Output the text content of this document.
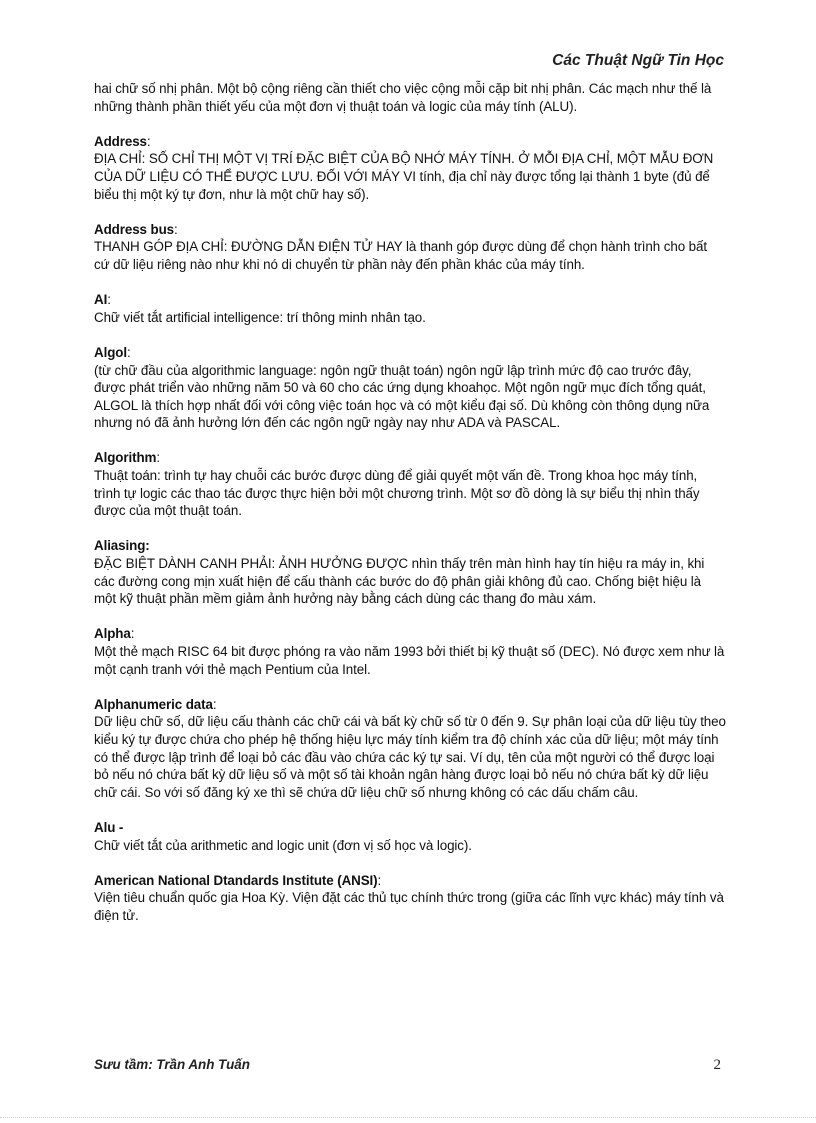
Các Thuật Ngữ Tin Học

hai chữ số nhị phân. Một bộ cộng riêng cần thiết cho việc cộng mỗi cặp bit nhị phân. Các mạch như thế là những thành phần thiết yếu của một đơn vị thuật toán và logic của máy tính (ALU).

Address:

ĐỊA CHỈ: SỐ CHỈ THỊ MỘT VỊ TRÍ ĐẶC BIỆT CỦA BỘ NHỚ MÁY TÍNH. Ở MỖI ĐỊA CHỈ, MỘT MẪU ĐƠN CỦA DỮ LIỆU CÓ THỂ ĐƯỢC LƯU. ĐỐI VỚI MÁY VI tính, địa chỉ này được tổng lại thành 1 byte (đủ để biểu thị một ký tự đơn, như là một chữ hay số).

Address bus:

THANH GÓP ĐỊA CHỈ: ĐƯỜNG DẪN ĐIỆN TỬ HAY là thanh góp được dùng để chọn hành trình cho bất cứ dữ liệu riêng nào như khi nó di chuyển từ phần này đến phần khác của máy tính.

AI:

Chữ viết tắt artificial intelligence: trí thông minh nhân tạo.

Algol:

(từ chữ đầu của algorithmic language: ngôn ngữ thuật toán) ngôn ngữ lập trình mức độ cao trước đây, được phát triển vào những năm 50 và 60 cho các ứng dụng khoahọc. Một ngôn ngữ mục đích tổng quát, ALGOL là thích hợp nhất đối với công việc toán học và có một kiểu đại số. Dù không còn thông dụng nữa nhưng nó đã ảnh hưởng lớn đến các ngôn ngữ ngày nay như ADA và PASCAL.

Algorithm:

Thuật toán: trình tự hay chuỗi các bước được dùng để giải quyết một vấn đề. Trong khoa học máy tính, trình tự logic các thao tác được thực hiện bởi một chương trình. Một sơ đồ dòng là sự biểu thị nhìn thấy được của một thuật toán.

Aliasing:

ĐẶC BIỆT DÀNH CANH PHẢI: ẢNH HƯỞNG ĐƯỢC nhìn thấy trên màn hình hay tín hiệu ra máy in, khi các đường cong mịn xuất hiện để cấu thành các bước do độ phân giải không đủ cao. Chống biệt hiệu là một kỹ thuật phần mềm giảm ảnh hưởng này bằng cách dùng các thang đo màu xám.

Alpha:

Một thẻ mạch RISC 64 bit được phóng ra vào năm 1993 bởi thiết bị kỹ thuật số (DEC). Nó được xem như là một cạnh tranh với thẻ mạch Pentium của Intel.

Alphanumeric data:

Dữ liệu chữ số, dữ liệu cấu thành các chữ cái và bất kỳ chữ số từ 0 đến 9. Sự phân loại của dữ liệu tùy theo kiểu ký tự được chứa cho phép hệ thống hiệu lực máy tính kiểm tra độ chính xác của dữ liệu; một máy tính có thể được lập trình để loại bỏ các đầu vào chứa các ký tự sai. Ví dụ, tên của một người có thể được loại bỏ nếu nó chứa bất kỳ dữ liệu số và một số tài khoản ngân hàng được loại bỏ nếu nó chứa bất kỳ dữ liệu chữ cái. So với số đăng ký xe thì sẽ chứa dữ liệu chữ số nhưng không có các dấu chấm câu.

Alu -

Chữ viết tắt của arithmetic and logic unit (đơn vị số học và logic).

American National Dtandards Institute (ANSI):

Viện tiêu chuẩn quốc gia Hoa Kỳ. Viện đặt các thủ tục chính thức trong (giữa các lĩnh vực khác) máy tính và điện tử.

Sưu tầm: Trần Anh Tuấn	2
